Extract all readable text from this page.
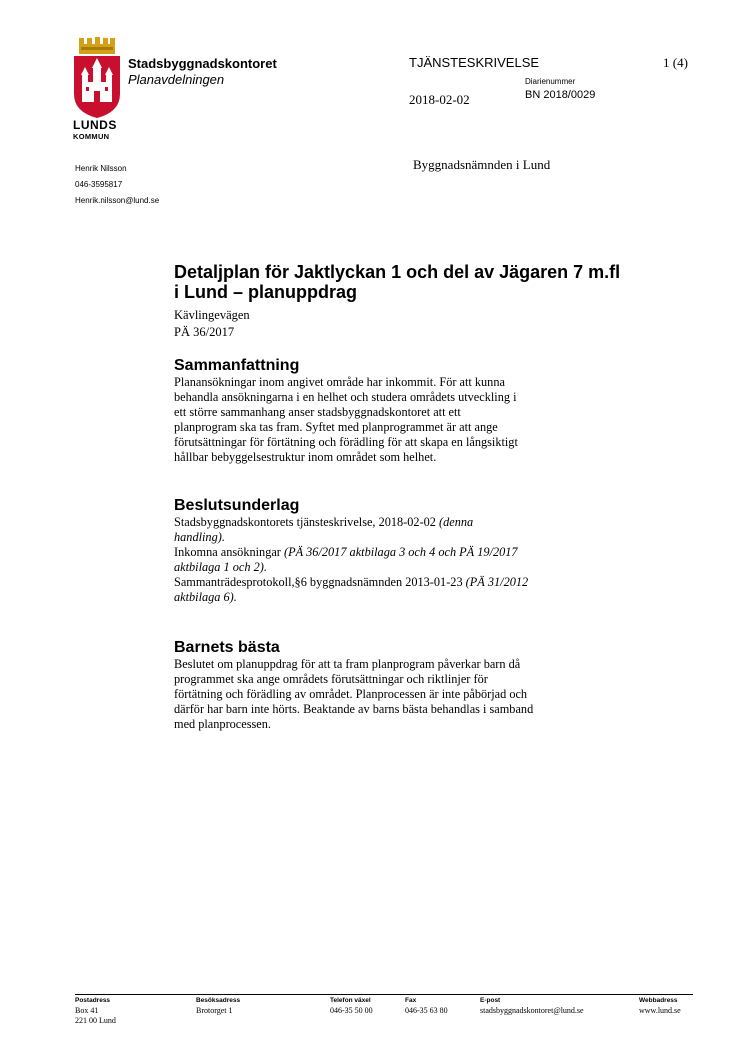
LUNDS
KOMMUN
Stadsbyggnadskontoret
Planavdelningen
TJÄNSTESKRIVELSE	1 (4)
Diarienummer
2018-02-02	BN 2018/0029
Henrik Nilsson
046-3595817
Henrik.nilsson@lund.se
Byggnadsnämnden i Lund
Detaljplan för Jaktlyckan 1 och del av Jägaren 7 m.fl
i Lund – planuppdrag
Kävlingevägen
PÄ 36/2017
Sammanfattning
Planansökningar inom angivet område har inkommit. För att kunna
behandla ansökningarna i en helhet och studera områdets utveckling i
ett större sammanhang anser stadsbyggnadskontoret att ett
planprogram ska tas fram. Syftet med planprogrammet är att ange
förutsättningar för förtätning och förädling för att skapa en långsiktigt
hållbar bebyggelsestruktur inom området som helhet.
Beslutsunderlag
Stadsbyggnadskontorets tjänsteskrivelse, 2018-02-02 (denna
handling).
Inkomna ansökningar (PÄ 36/2017 aktbilaga 3 och 4 och PÄ 19/2017
aktbilaga 1 och 2).
Sammanträdesprotokoll,§6 byggnadsnämnden 2013-01-23 (PÄ 31/2012
aktbilaga 6).
Barnets bästa
Beslutet om planuppdrag för att ta fram planprogram påverkar barn då
programmet ska ange områdets förutsättningar och riktlinjer för
förtätning och förädling av området. Planprocessen är inte påbörjad och
därför har barn inte hörts. Beaktande av barns bästa behandlas i samband
med planprocessen.
Postadress
Box 41
221 00 Lund
Besöksadress
Brotorget 1
Telefon växel
046-35 50 00
Fax
046-35 63 80
E-post
stadsbyggnadskontoret@lund.se
Webbadress
www.lund.se
